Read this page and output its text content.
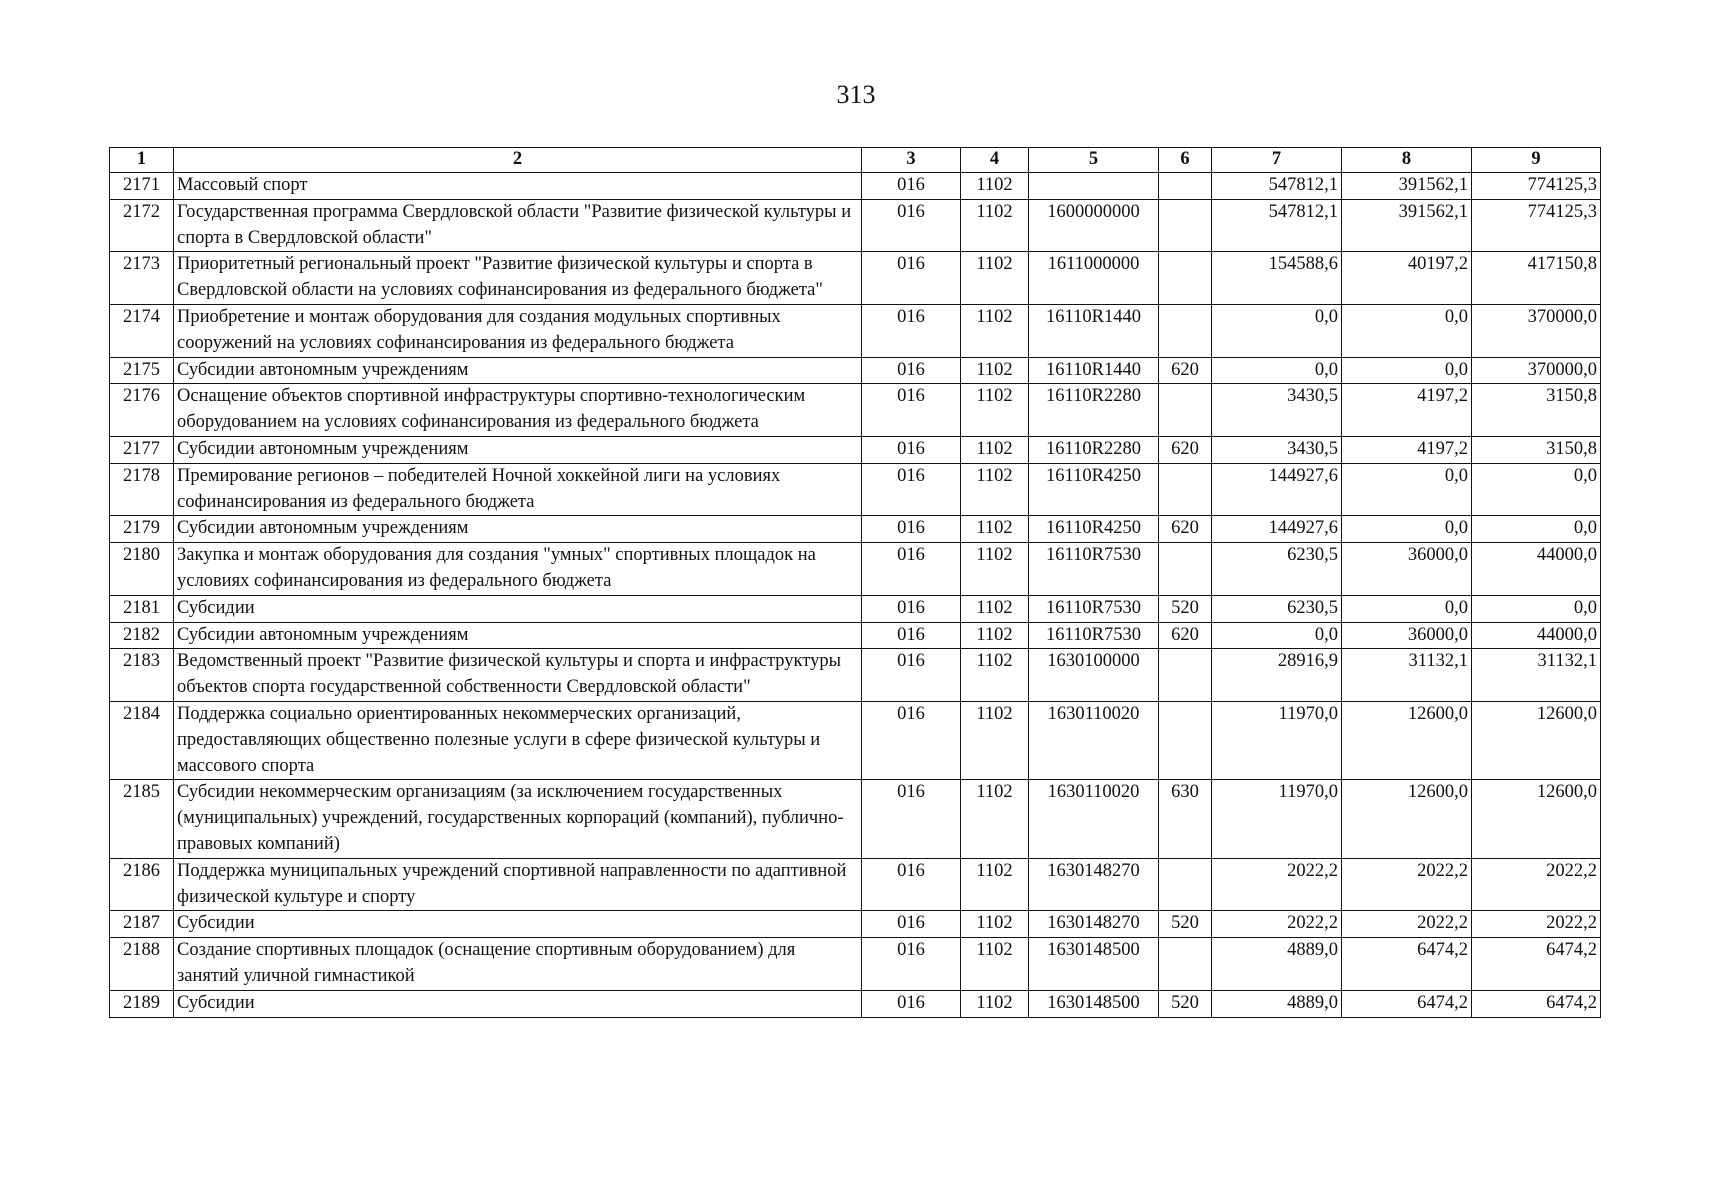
313
1	2	3	4	5	6	7	8	9
2171	Массовый спорт	016	1102			547812,1	391562,1	774125,3
2172	Государственная программа Свердловской области "Развитие физической культуры и спорта в Свердловской области"	016	1102	1600000000		547812,1	391562,1	774125,3
2173	Приоритетный региональный проект "Развитие физической культуры и спорта в Свердловской области на условиях софинансирования из федерального бюджета"	016	1102	1611000000		154588,6	40197,2	417150,8
2174	Приобретение и монтаж оборудования для создания модульных спортивных сооружений на условиях софинансирования из федерального бюджета	016	1102	16110R1440		0,0	0,0	370000,0
2175	Субсидии автономным учреждениям	016	1102	16110R1440	620	0,0	0,0	370000,0
2176	Оснащение объектов спортивной инфраструктуры спортивно-технологическим оборудованием на условиях софинансирования из федерального бюджета	016	1102	16110R2280		3430,5	4197,2	3150,8
2177	Субсидии автономным учреждениям	016	1102	16110R2280	620	3430,5	4197,2	3150,8
2178	Премирование регионов – победителей Ночной хоккейной лиги на условиях софинансирования из федерального бюджета	016	1102	16110R4250		144927,6	0,0	0,0
2179	Субсидии автономным учреждениям	016	1102	16110R4250	620	144927,6	0,0	0,0
2180	Закупка и монтаж оборудования для создания "умных" спортивных площадок на условиях софинансирования из федерального бюджета	016	1102	16110R7530		6230,5	36000,0	44000,0
2181	Субсидии	016	1102	16110R7530	520	6230,5	0,0	0,0
2182	Субсидии автономным учреждениям	016	1102	16110R7530	620	0,0	36000,0	44000,0
2183	Ведомственный проект "Развитие физической культуры и спорта и инфраструктуры объектов спорта государственной собственности Свердловской области"	016	1102	1630100000		28916,9	31132,1	31132,1
2184	Поддержка социально ориентированных некоммерческих организаций, предоставляющих общественно полезные услуги в сфере физической культуры и массового спорта	016	1102	1630110020		11970,0	12600,0	12600,0
2185	Субсидии некоммерческим организациям (за исключением государственных (муниципальных) учреждений, государственных корпораций (компаний), публично-правовых компаний)	016	1102	1630110020	630	11970,0	12600,0	12600,0
2186	Поддержка муниципальных учреждений спортивной направленности по адаптивной физической культуре и спорту	016	1102	1630148270		2022,2	2022,2	2022,2
2187	Субсидии	016	1102	1630148270	520	2022,2	2022,2	2022,2
2188	Создание спортивных площадок (оснащение спортивным оборудованием) для занятий уличной гимнастикой	016	1102	1630148500		4889,0	6474,2	6474,2
2189	Субсидии	016	1102	1630148500	520	4889,0	6474,2	6474,2
